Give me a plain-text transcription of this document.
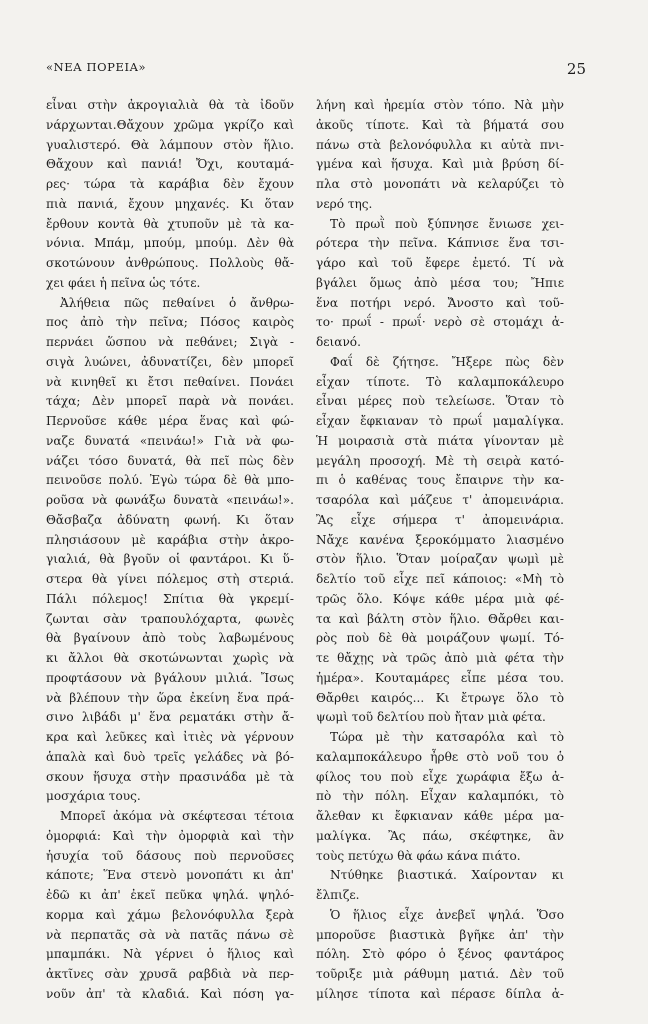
«ΝΕΑ ΠΟΡΕΙΑ»	25
εἶναι στὴν ἀκρογιαλιὰ θὰ τὰ ἰδοῦν
νάρχωνται.Θἄχουν χρῶμα γκρίζο καὶ
γυαλιστερό. Θὰ λάμπουν στὸν ἥλιο.
Θἄχουν καὶ πανιά! Ὄχι, κουταμά-
ρες· τώρα τὰ καράβια δὲν ἔχουν
πιὰ πανιά, ἔχουν μηχανές. Κι ὅταν
ἔρθουν κοντὰ θὰ χτυποῦν μὲ τὰ κα-
νόνια. Μπάμ, μπούμ, μπούμ. Δὲν θὰ
σκοτώνουν ἀνθρώπους. Πολλοὺς θἄ-
χει φάει ἡ πεῖνα ὡς τότε.
Ἀλήθεια πῶς πεθαίνει ὁ ἄνθρω-
πος ἀπὸ τὴν πεῖνα; Πόσος καιρὸς
περνάει ὥσπου νὰ πεθάνει; Σιγὰ -
σιγὰ λυώνει, ἀδυνατίζει, δὲν μπορεῖ
νὰ κινηθεῖ κι ἔτσι πεθαίνει. Πονάει
τάχα; Δὲν μπορεῖ παρὰ νὰ πονάει.
Περνοῦσε κάθε μέρα ἕνας καὶ φώ-
ναζε δυνατά «πεινάω!» Γιὰ νὰ φω-
νάζει τόσο δυνατά, θὰ πεῖ πὼς δὲν
πεινοῦσε πολύ. Ἐγὼ τώρα δὲ θὰ μπο-
ροῦσα νὰ φωνάξω δυνατὰ «πεινάω!».
Θἄσβαζα ἀδύνατη φωνή. Κι ὅταν
πλησιάσουν μὲ καράβια στὴν ἀκρο-
γιαλιά, θὰ βγοῦν οἱ φαντάροι. Κι ὕ-
στερα θὰ γίνει πόλεμος στὴ στεριά.
Πάλι πόλεμος! Σπίτια θὰ γκρεμί-
ζωνται σὰν τραπουλόχαρτα, φωνὲς
θὰ βγαίνουν ἀπὸ τοὺς λαβωμένους
κι ἄλλοι θὰ σκοτώνωνται χωρὶς νὰ
προφτάσουν νὰ βγάλουν μιλιά. Ἴσως
νὰ βλέπουν τὴν ὥρα ἐκείνη ἕνα πρά-
σινο λιβάδι μ' ἕνα ρεματάκι στὴν ἄ-
κρα καὶ λεῦκες καὶ ἰτιὲς νὰ γέρνουν
ἁπαλὰ καὶ δυὸ τρεῖς γελάδες νὰ βό-
σκουν ἥσυχα στὴν πρασινάδα μὲ τὰ
μοσχάρια τους.
Μπορεῖ ἀκόμα νὰ σκέφτεσαι τέτοια
ὀμορφιά: Καὶ τὴν ὀμορφιὰ καὶ τὴν
ἡσυχία τοῦ δάσους ποὺ περνοῦσες
κάποτε; Ἕνα στενὸ μονοπάτι κι ἀπ'
ἐδῶ κι ἀπ' ἐκεῖ πεῦκα ψηλά. ψηλό-
κορμα καὶ χάμω βελονόφυλλα ξερὰ
νὰ περπατᾶς σὰ νὰ πατᾶς πάνω σὲ
μπαμπάκι. Νὰ γέρνει ὁ ἥλιος καὶ
ἀκτῖνες σὰν χρυσᾶ ραβδιὰ νὰ περ-
νοῦν ἀπ' τὰ κλαδιά. Καὶ πόση γα-
λήνη καὶ ἠρεμία στὸν τόπο. Νὰ μὴν
ἀκοῦς τίποτε. Καὶ τὰ βήματά σου
πάνω στὰ βελονόφυλλα κι αὐτὰ πνι-
γμένα καὶ ἥσυχα. Καὶ μιὰ βρύση δί-
πλα στὸ μονοπάτι νὰ κελαρύζει τὸ
νερό της.
Τὸ πρωῒ ποὺ ξύπνησε ἔνιωσε χει-
ρότερα τὴν πεῖνα. Κάπνισε ἕνα τσι-
γάρο καὶ τοῦ ἔφερε ἐμετό. Τί νὰ
βγάλει ὅμως ἀπὸ μέσα του; Ἤπιε
ἕνα ποτήρι νερό. Ἄνοστο καὶ τοῦ-
το· πρωΐ - πρωΐ· νερὸ σὲ στομάχι ἀ-
δειανό.
Φαΐ δὲ ζήτησε. Ἤξερε πὼς δὲν
εἶχαν τίποτε. Τὸ καλαμποκάλευρο
εἶναι μέρες ποὺ τελείωσε. Ὅταν τὸ
εἶχαν ἔφκιαναν τὸ πρωΐ μαμαλίγκα.
Ἡ μοιρασιὰ στὰ πιάτα γίνονταν μὲ
μεγάλη προσοχή. Μὲ τὴ σειρὰ κατό-
πι ὁ καθένας τους ἔπαιρνε τὴν κα-
τσαρόλα καὶ μάζευε τ' ἀπομεινάρια.
Ἂς εἶχε σήμερα τ' ἀπομεινάρια.
Νἄχε κανένα ξεροκόμματο λιασμένο
στὸν ἥλιο. Ὅταν μοίραζαν ψωμὶ μὲ
δελτίο τοῦ εἶχε πεῖ κάποιος: «Μὴ τὸ
τρῶς ὅλο. Κόψε κάθε μέρα μιὰ φέ-
τα καὶ βάλτη στὸν ἥλιο. Θἄρθει και-
ρὸς ποὺ δὲ θὰ μοιράζουν ψωμί. Τό-
τε θἄχῃς νὰ τρῶς ἀπὸ μιὰ φέτα τὴν
ἡμέρα». Κουταμάρες εἶπε μέσα του.
Θἄρθει καιρός... Κι ἔτρωγε ὅλο τὸ
ψωμὶ τοῦ δελτίου ποὺ ἤταν μιὰ φέτα.
Τώρα μὲ τὴν κατσαρόλα καὶ τὸ
καλαμποκάλευρο ἦρθε στὸ νοῦ του ὁ
φίλος του ποὺ εἶχε χωράφια ἔξω ἀ-
πὸ τὴν πόλη. Εἶχαν καλαμπόκι, τὸ
ἄλεθαν κι ἔφκιαναν κάθε μέρα μα-
μαλίγκα. Ἂς πάω, σκέφτηκε, ἂν
τοὺς πετύχω θὰ φάω κάνα πιάτο.
Ντύθηκε βιαστικά. Χαίρονταν κι
ἔλπιζε.
Ὁ ἥλιος εἶχε ἀνεβεῖ ψηλά. Ὅσο
μποροῦσε βιαστικὰ βγῆκε ἀπ' τὴν
πόλη. Στὸ φόρο ὁ ξένος φαντάρος
τοῦριξε μιὰ ράθυμη ματιά. Δὲν τοῦ
μίλησε τίποτα καὶ πέρασε δίπλα ἀ-
